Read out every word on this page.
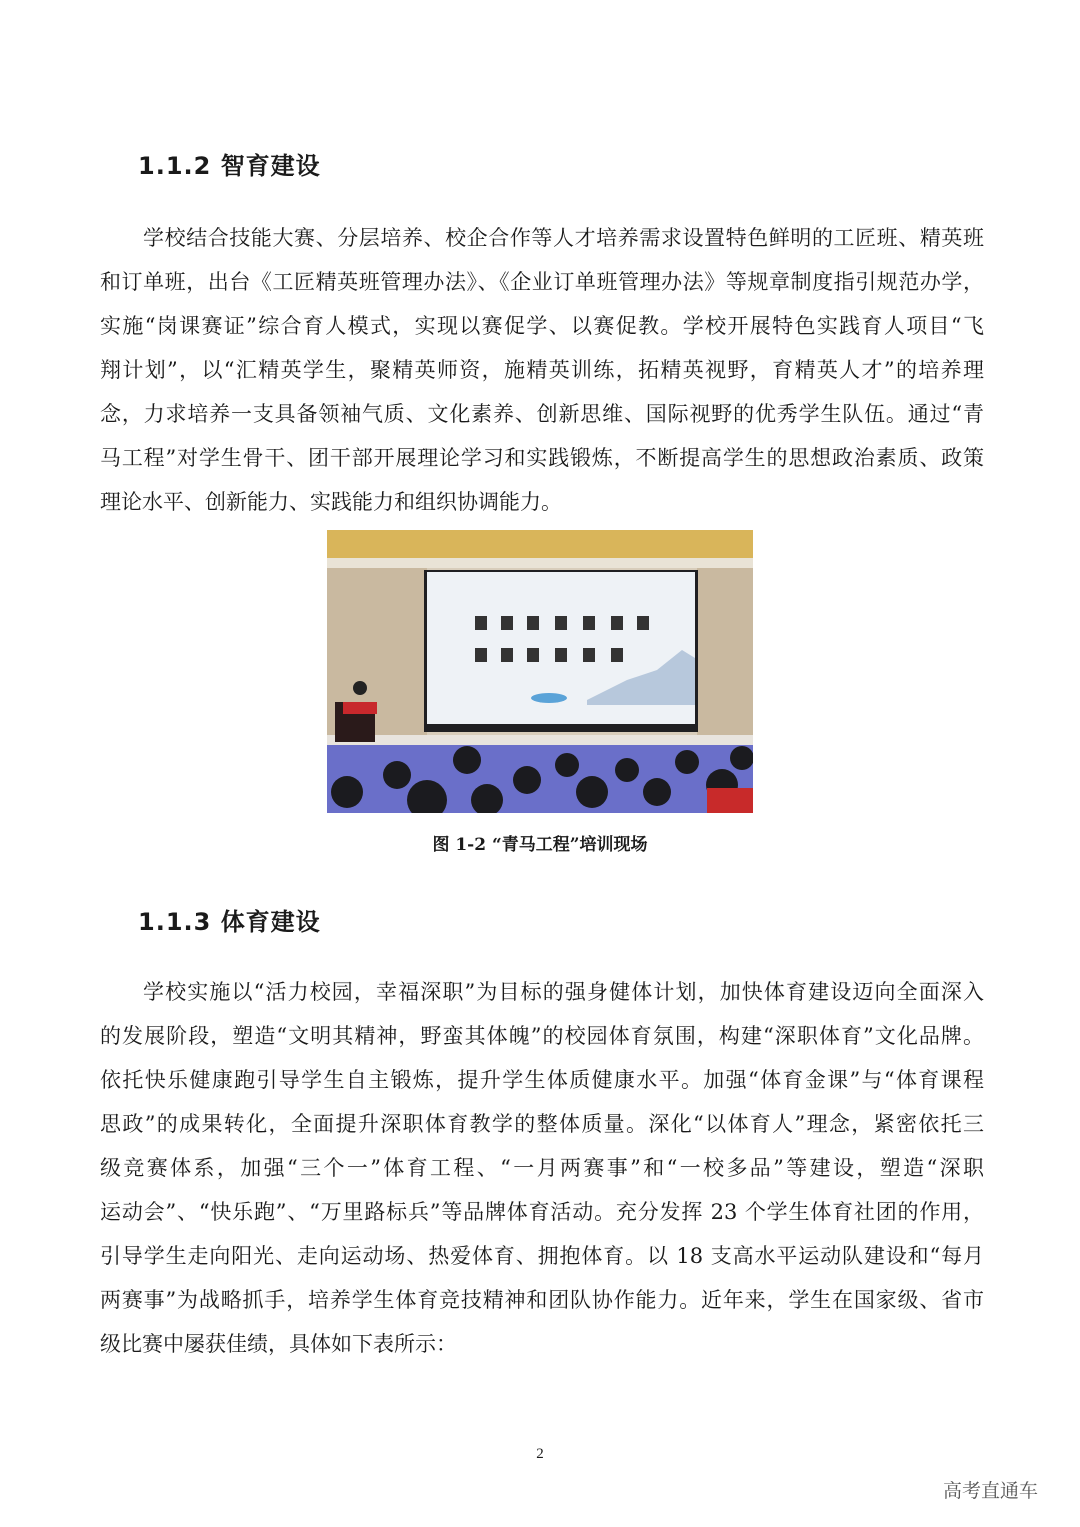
1.1.2 智育建设
学校结合技能大赛、分层培养、校企合作等人才培养需求设置特色鲜明的工匠班、精英班
和订单班，出台《工匠精英班管理办法》、《企业订单班管理办法》等规章制度指引规范办学，
实施“岗课赛证”综合育人模式，实现以赛促学、以赛促教。学校开展特色实践育人项目“飞
翔计划”，以“汇精英学生，聚精英师资，施精英训练，拓精英视野，育精英人才”的培养理
念，力求培养一支具备领袖气质、文化素养、创新思维、国际视野的优秀学生队伍。通过“青
马工程”对学生骨干、团干部开展理论学习和实践锻炼，不断提高学生的思想政治素质、政策
理论水平、创新能力、实践能力和组织协调能力。
图 1-2 “青马工程”培训现场
1.1.3 体育建设
学校实施以“活力校园，幸福深职”为目标的强身健体计划，加快体育建设迈向全面深入
的发展阶段，塑造“文明其精神，野蛮其体魄”的校园体育氛围，构建“深职体育”文化品牌。
依托快乐健康跑引导学生自主锻炼，提升学生体质健康水平。加强“体育金课”与“体育课程
思政”的成果转化，全面提升深职体育教学的整体质量。深化“以体育人”理念，紧密依托三
级竞赛体系，加强“三个一”体育工程、“一月两赛事”和“一校多品”等建设，塑造“深职
运动会”、“快乐跑”、“万里路标兵”等品牌体育活动。充分发挥 23 个学生体育社团的作用，
引导学生走向阳光、走向运动场、热爱体育、拥抱体育。以 18 支高水平运动队建设和“每月
两赛事”为战略抓手，培养学生体育竞技精神和团队协作能力。近年来，学生在国家级、省市
级比赛中屡获佳绩，具体如下表所示：
2
高考直通车
